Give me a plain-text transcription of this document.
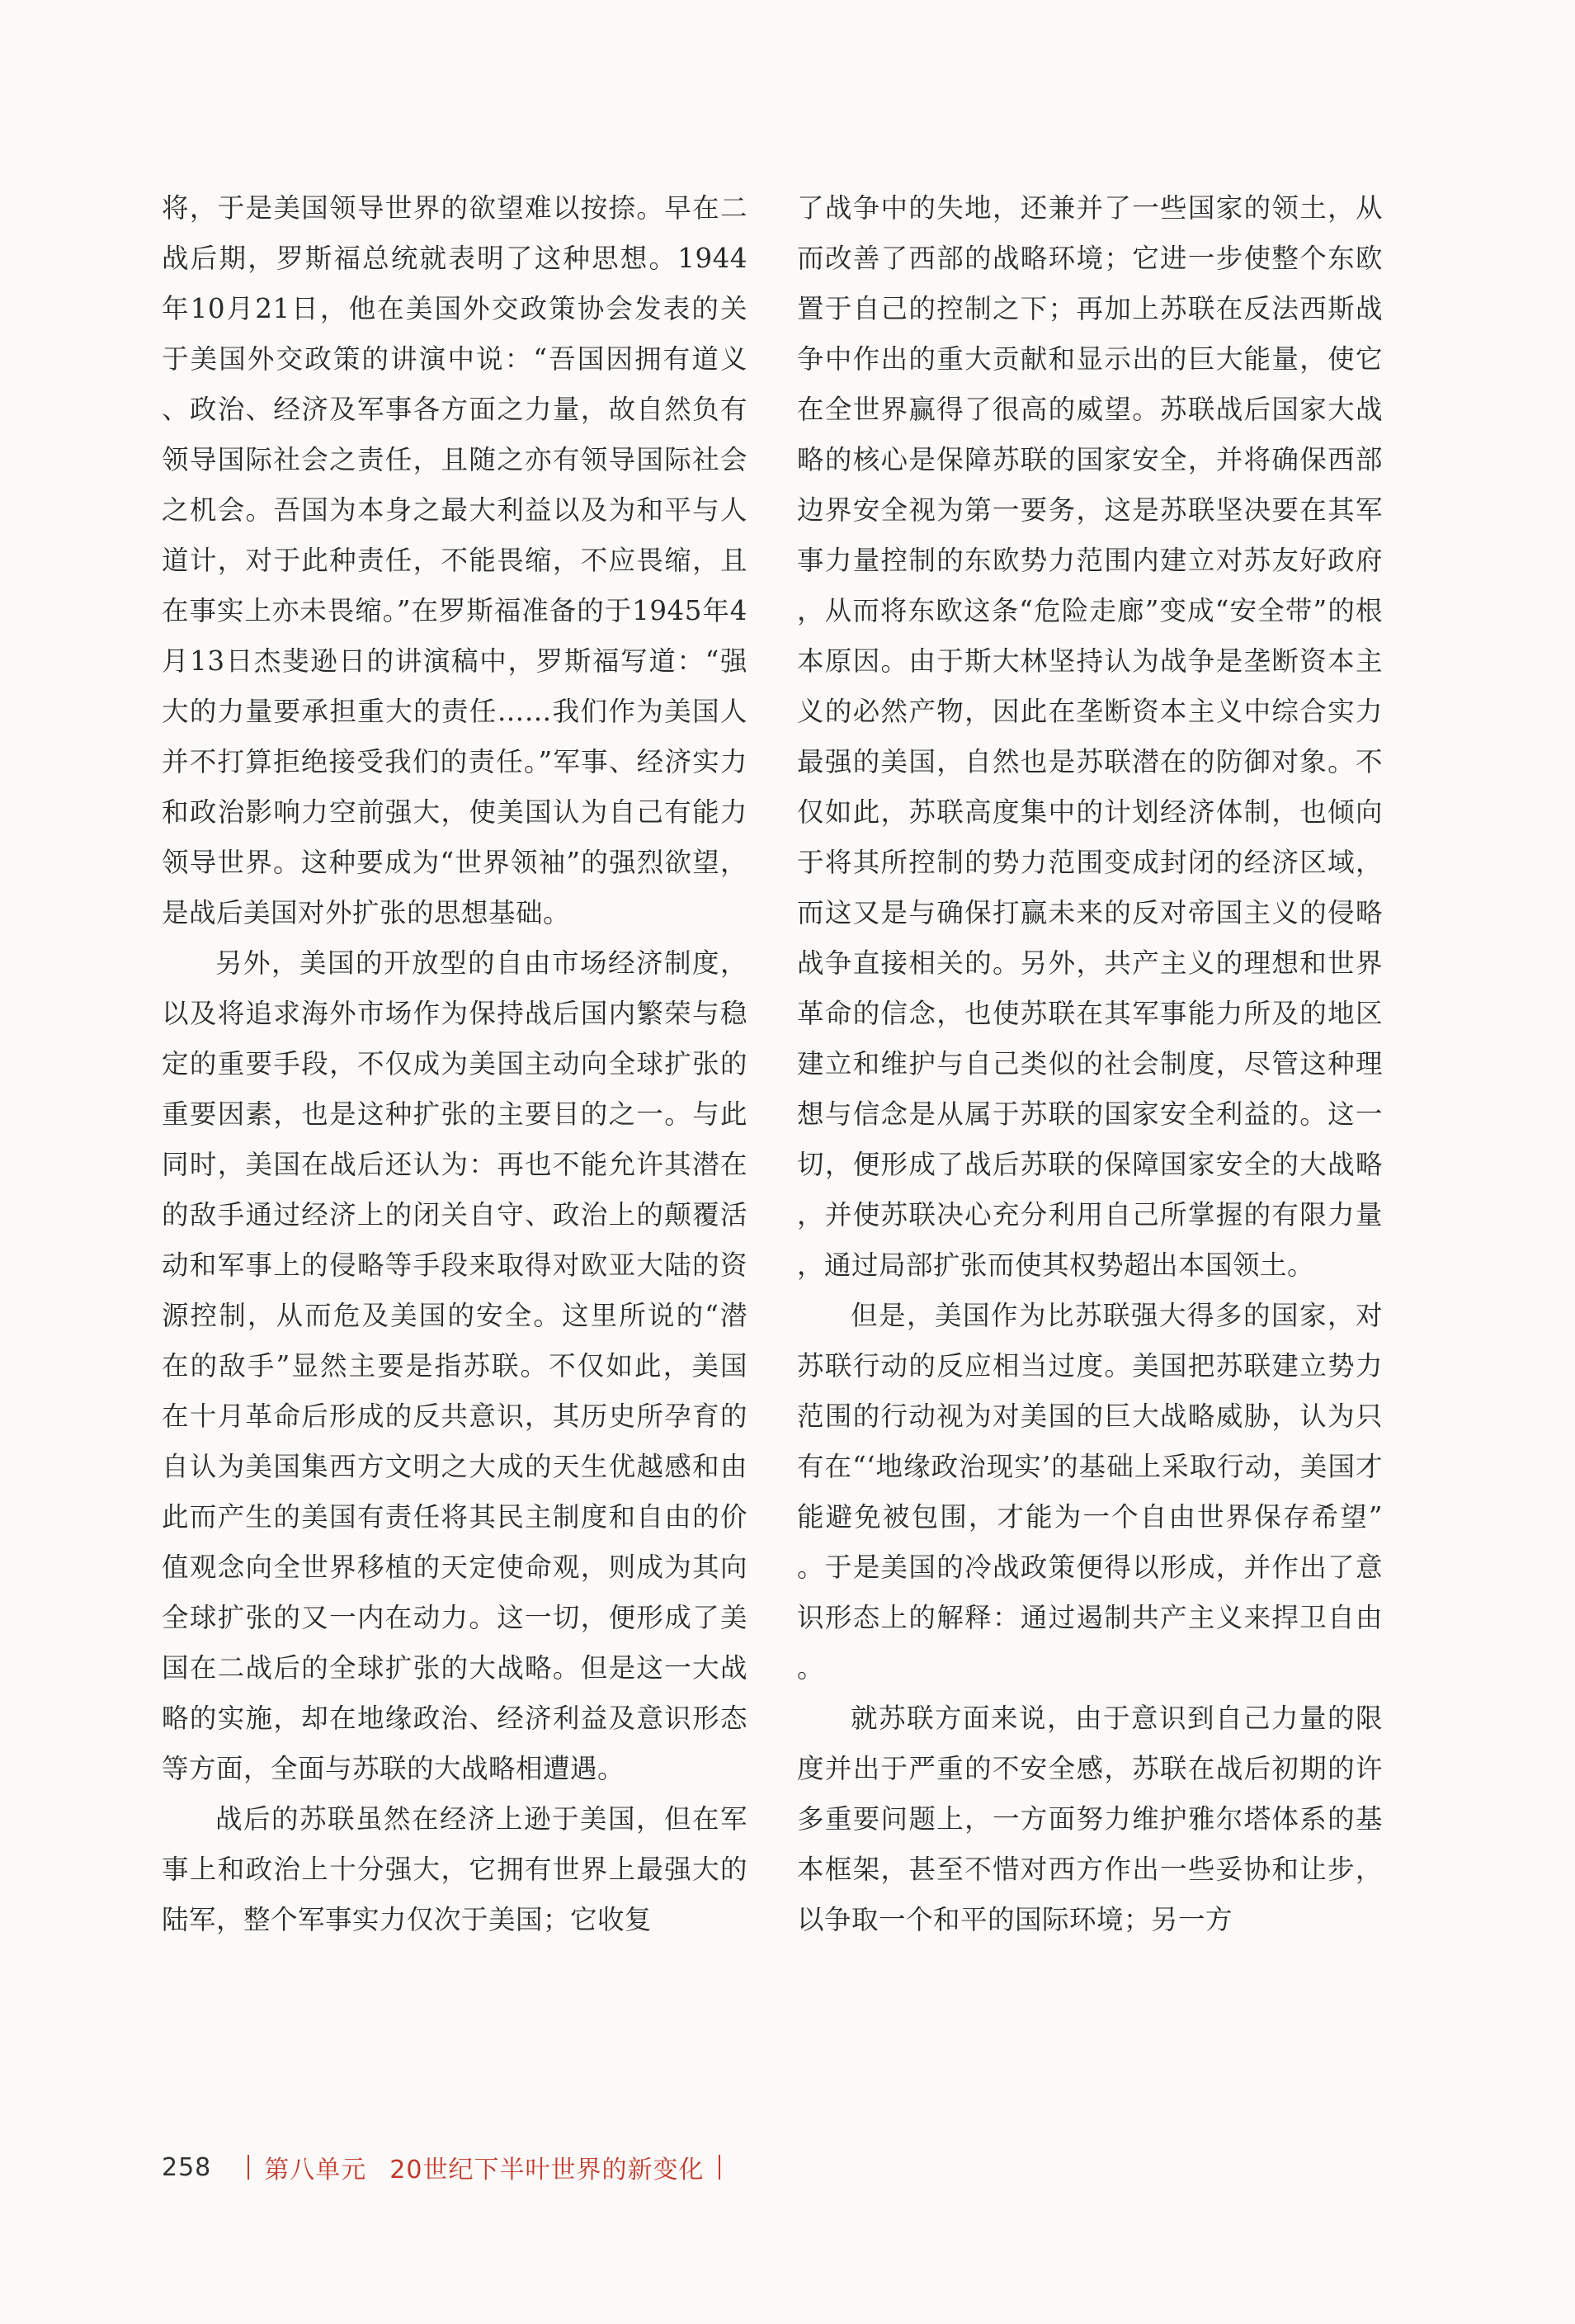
将，于是美国领导世界的欲望难以按捺。早在二战后期，罗斯福总统就表明了这种思想。1944年10月21日，他在美国外交政策协会发表的关于美国外交政策的讲演中说：“吾国因拥有道义、政治、经济及军事各方面之力量，故自然负有领导国际社会之责任，且随之亦有领导国际社会之机会。吾国为本身之最大利益以及为和平与人道计，对于此种责任，不能畏缩，不应畏缩，且在事实上亦未畏缩。”在罗斯福准备的于1945年4月13日杰斐逊日的讲演稿中，罗斯福写道：“强大的力量要承担重大的责任……我们作为美国人并不打算拒绝接受我们的责任。”军事、经济实力和政治影响力空前强大，使美国认为自己有能力领导世界。这种要成为“世界领袖”的强烈欲望，是战后美国对外扩张的思想基础。

另外，美国的开放型的自由市场经济制度，以及将追求海外市场作为保持战后国内繁荣与稳定的重要手段，不仅成为美国主动向全球扩张的重要因素，也是这种扩张的主要目的之一。与此同时，美国在战后还认为：再也不能允许其潜在的敌手通过经济上的闭关自守、政治上的颠覆活动和军事上的侵略等手段来取得对欧亚大陆的资源控制，从而危及美国的安全。这里所说的“潜在的敌手”显然主要是指苏联。不仅如此，美国在十月革命后形成的反共意识，其历史所孕育的自认为美国集西方文明之大成的天生优越感和由此而产生的美国有责任将其民主制度和自由的价值观念向全世界移植的天定使命观，则成为其向全球扩张的又一内在动力。这一切，便形成了美国在二战后的全球扩张的大战略。但是这一大战略的实施，却在地缘政治、经济利益及意识形态等方面，全面与苏联的大战略相遭遇。

战后的苏联虽然在经济上逊于美国，但在军事上和政治上十分强大，它拥有世界上最强大的陆军，整个军事实力仅次于美国；它收复

了战争中的失地，还兼并了一些国家的领土，从而改善了西部的战略环境；它进一步使整个东欧置于自己的控制之下；再加上苏联在反法西斯战争中作出的重大贡献和显示出的巨大能量，使它在全世界赢得了很高的威望。苏联战后国家大战略的核心是保障苏联的国家安全，并将确保西部边界安全视为第一要务，这是苏联坚决要在其军事力量控制的东欧势力范围内建立对苏友好政府，从而将东欧这条“危险走廊”变成“安全带”的根本原因。由于斯大林坚持认为战争是垄断资本主义的必然产物，因此在垄断资本主义中综合实力最强的美国，自然也是苏联潜在的防御对象。不仅如此，苏联高度集中的计划经济体制，也倾向于将其所控制的势力范围变成封闭的经济区域，而这又是与确保打赢未来的反对帝国主义的侵略战争直接相关的。另外，共产主义的理想和世界革命的信念，也使苏联在其军事能力所及的地区建立和维护与自己类似的社会制度，尽管这种理想与信念是从属于苏联的国家安全利益的。这一切，便形成了战后苏联的保障国家安全的大战略，并使苏联决心充分利用自己所掌握的有限力量，通过局部扩张而使其权势超出本国领土。

但是，美国作为比苏联强大得多的国家，对苏联行动的反应相当过度。美国把苏联建立势力范围的行动视为对美国的巨大战略威胁，认为只有在“‘地缘政治现实’的基础上采取行动，美国才能避免被包围，才能为一个自由世界保存希望”。于是美国的冷战政策便得以形成，并作出了意识形态上的解释：通过遏制共产主义来捍卫自由。

就苏联方面来说，由于意识到自己力量的限度并出于严重的不安全感，苏联在战后初期的许多重要问题上，一方面努力维护雅尔塔体系的基本框架，甚至不惜对西方作出一些妥协和让步，以争取一个和平的国际环境；另一方

258 第八单元 20世纪下半叶世界的新变化
